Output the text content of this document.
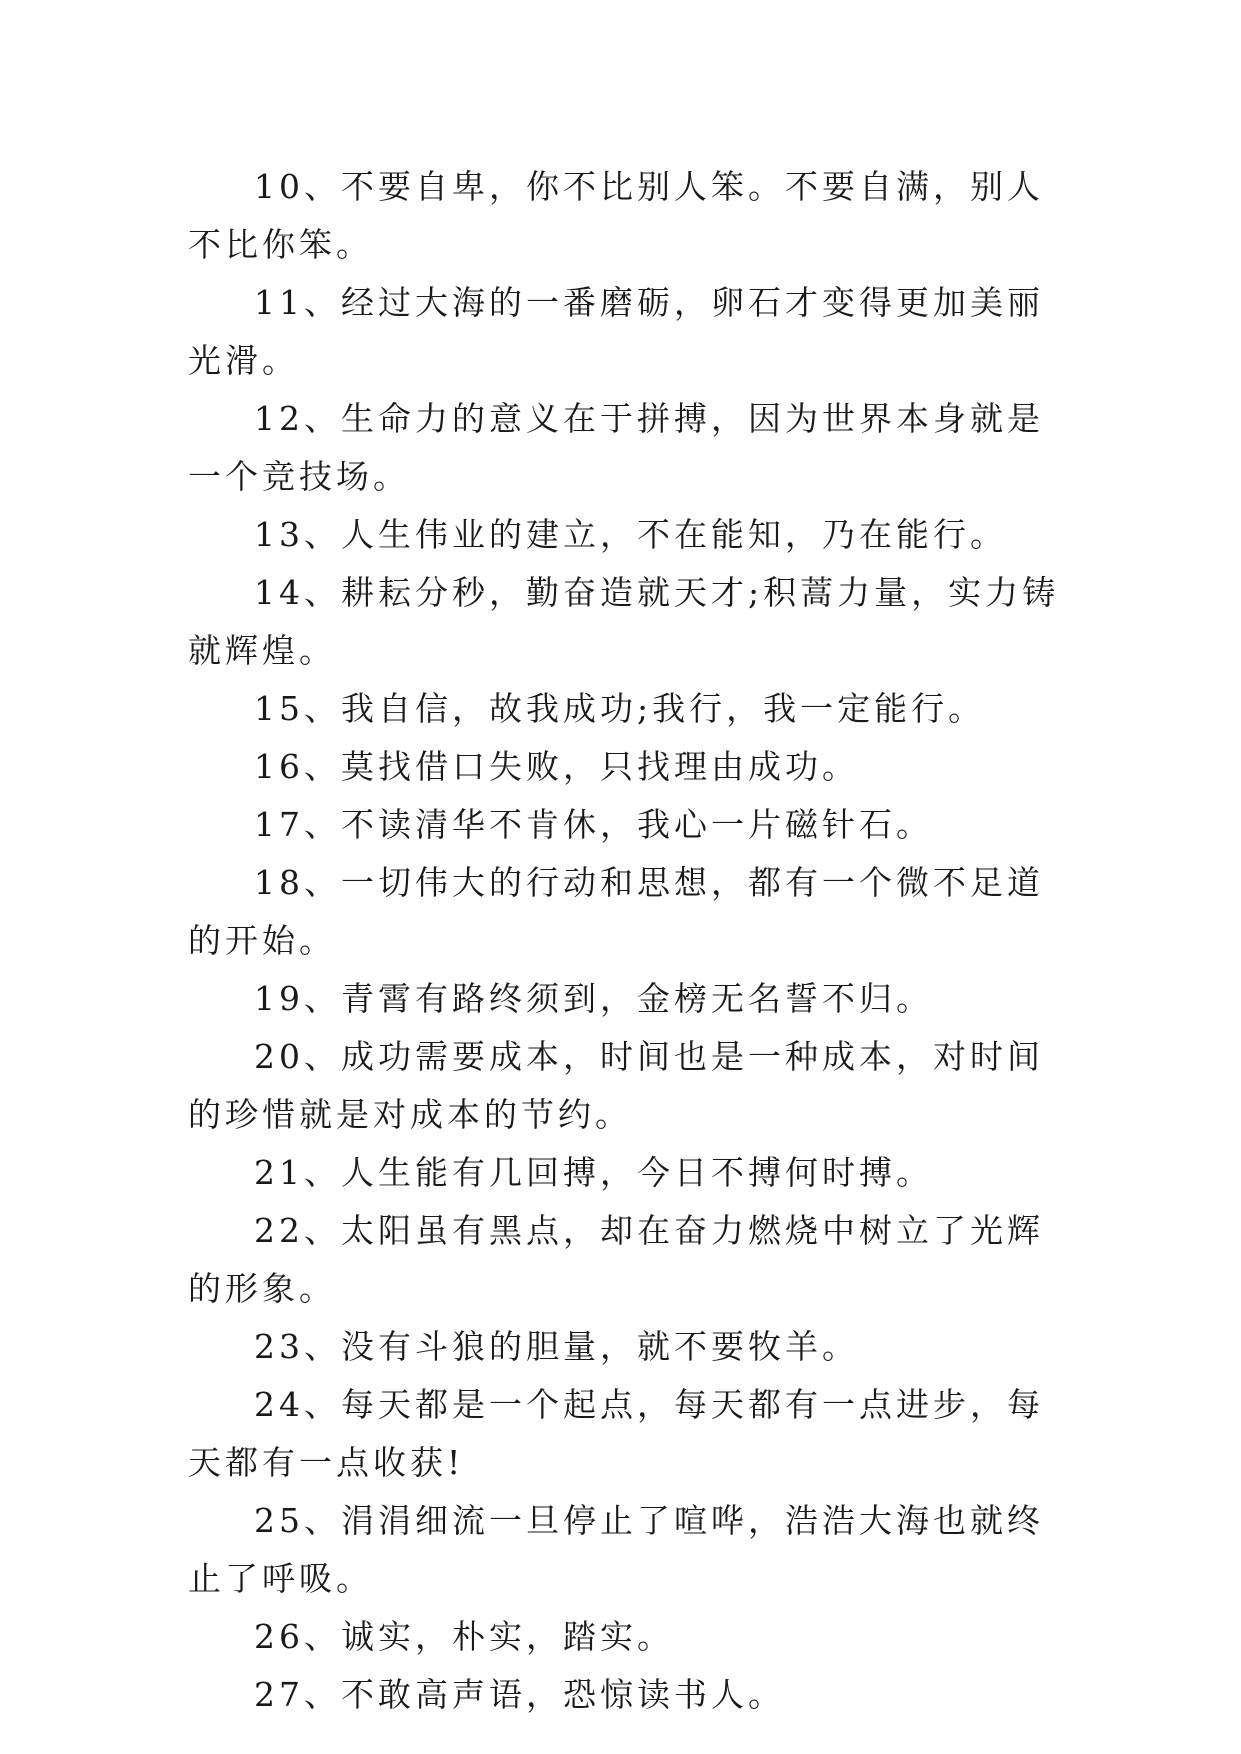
10、不要自卑，你不比别人笨。不要自满，别人不比你笨。

11、经过大海的一番磨砺，卵石才变得更加美丽光滑。

12、生命力的意义在于拼搏，因为世界本身就是一个竞技场。

13、人生伟业的建立，不在能知，乃在能行。

14、耕耘分秒，勤奋造就天才;积蒿力量，实力铸就辉煌。

15、我自信，故我成功;我行，我一定能行。

16、莫找借口失败，只找理由成功。

17、不读清华不肯休，我心一片磁针石。

18、一切伟大的行动和思想，都有一个微不足道的开始。

19、青霄有路终须到，金榜无名誓不归。

20、成功需要成本，时间也是一种成本，对时间的珍惜就是对成本的节约。

21、人生能有几回搏，今日不搏何时搏。

22、太阳虽有黑点，却在奋力燃烧中树立了光辉的形象。

23、没有斗狼的胆量，就不要牧羊。

24、每天都是一个起点，每天都有一点进步，每天都有一点收获!

25、涓涓细流一旦停止了喧哗，浩浩大海也就终止了呼吸。

26、诚实，朴实，踏实。

27、不敢高声语，恐惊读书人。
